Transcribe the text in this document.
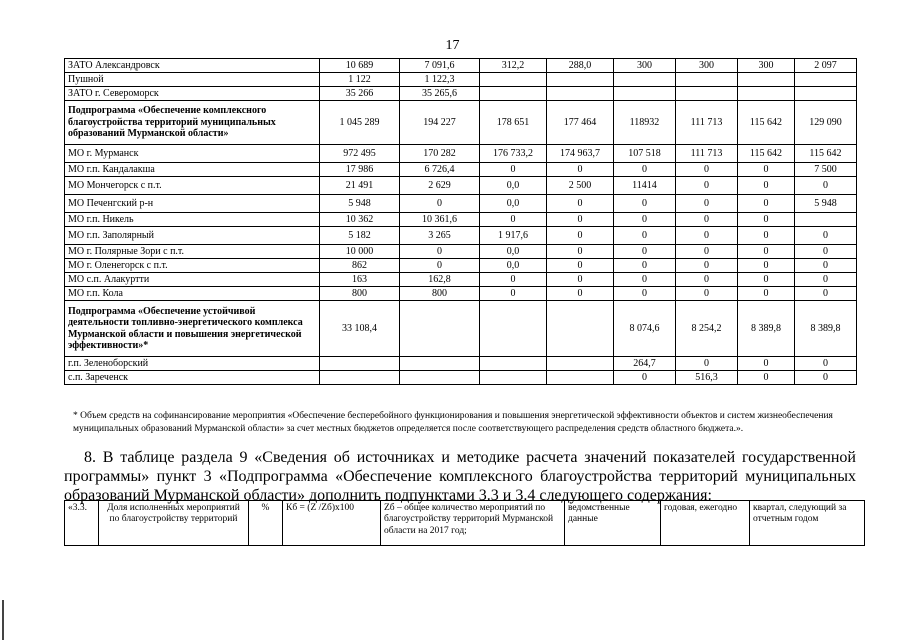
17
ЗАТО Александровск	10 689	7 091,6	312,2	288,0	300	300	300	2 097
Пушной	1 122	1 122,3						
ЗАТО г. Североморск	35 266	35 265,6						
Подпрограмма «Обеспечение комплексного благоустройства территорий муниципальных образований Мурманской области»	1 045 289	194 227	178 651	177 464	118932	111 713	115 642	129 090
МО г. Мурманск	972 495	170 282	176 733,2	174 963,7	107 518	111 713	115 642	115 642
МО г.п. Кандалакша	17 986	6 726,4	0	0	0	0	0	7 500
МО Мончегорск с п.т.	21 491	2 629	0,0	2 500	11414	0	0	0
МО Печенгский р-н	5 948	0	0,0	0	0	0	0	5 948
МО г.п. Никель	10 362	10 361,6	0	0	0	0	0	
МО г.п. Заполярный	5 182	3 265	1 917,6	0	0	0	0	0
МО г. Полярные Зори с п.т.	10 000	0	0,0	0	0	0	0	0
МО г. Оленегорск с п.т.	862	0	0,0	0	0	0	0	0
МО с.п. Алакуртти	163	162,8	0	0	0	0	0	0
МО г.п. Кола	800	800	0	0	0	0	0	0
Подпрограмма «Обеспечение устойчивой деятельности топливно-энергетического комплекса Мурманской области и повышения энергетической эффективности»*	33 108,4				8 074,6	8 254,2	8 389,8	8 389,8
г.п. Зеленоборский					264,7	0	0	0
с.п. Зареченск					0	516,3	0	0
* Объем средств на софинансирование мероприятия «Обеспечение бесперебойного функционирования и повышения энергетической эффективности объектов и систем жизнеобеспечения муниципальных образований Мурманской области» за счет местных бюджетов определяется после соответствующего распределения средств областного бюджета.».
8. В таблице раздела 9 «Сведения об источниках и методике расчета значений показателей государственной программы» пункт 3 «Подпрограмма «Обеспечение комплексного благоустройства территорий муниципальных образований Мурманской области» дополнить подпунктами 3.3 и 3.4 следующего содержания:
«3.3.	Доля исполненных мероприятий по благоустройству территорий	%	Кб = (Z /Zб)х100	Zб – общее количество мероприятий по благоустройству территорий Мурманской области на 2017 год;	ведомственные данные	годовая, ежегодно	квартал, следующий за отчетным годом
